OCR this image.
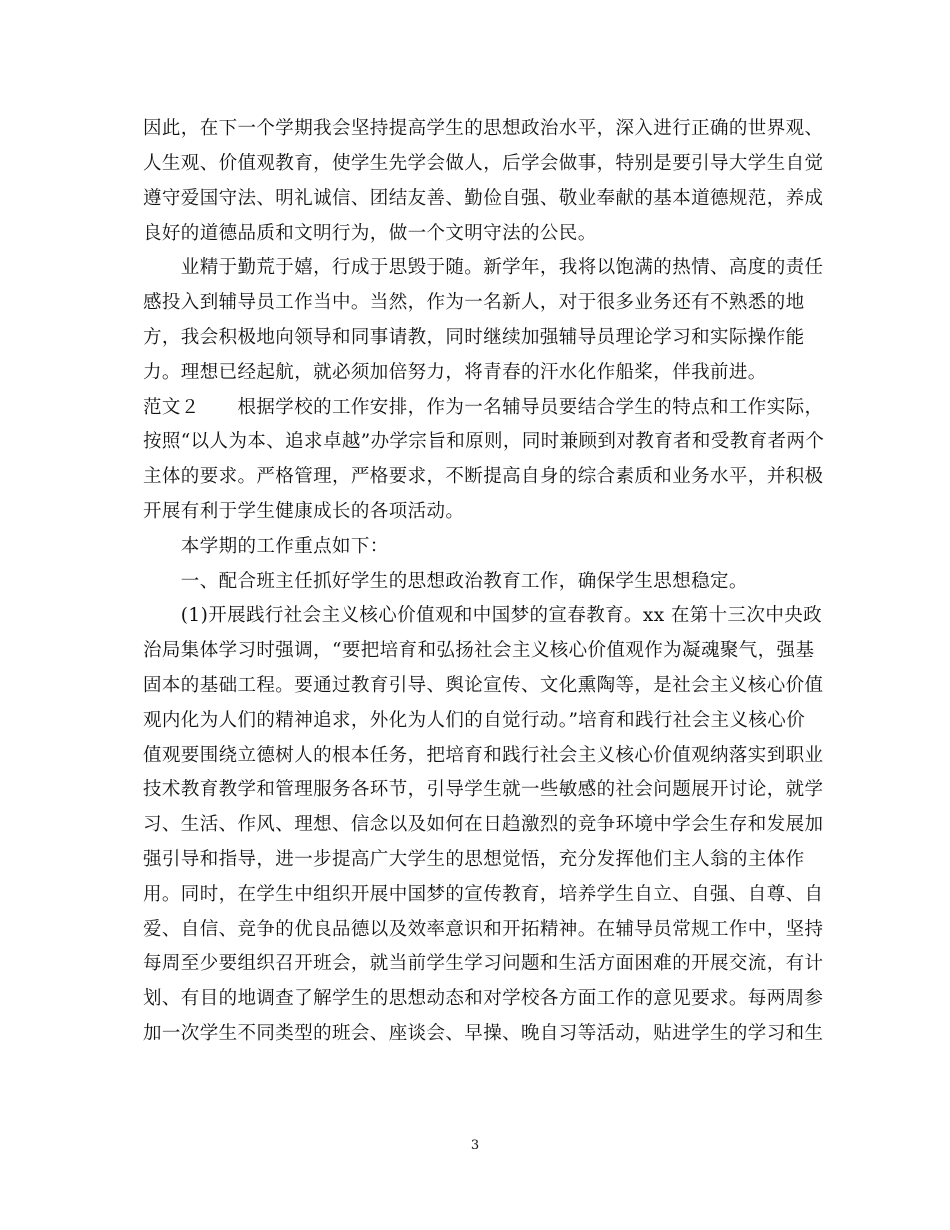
因此，在下一个学期我会坚持提高学生的思想政治水平，深入进行正确的世界观、
人生观、价值观教育，使学生先学会做人，后学会做事，特别是要引导大学生自觉
遵守爱国守法、明礼诚信、团结友善、勤俭自强、敬业奉献的基本道德规范，养成
良好的道德品质和文明行为，做一个文明守法的公民。
　　业精于勤荒于嬉，行成于思毁于随。新学年，我将以饱满的热情、高度的责任
感投入到辅导员工作当中。当然，作为一名新人，对于很多业务还有不熟悉的地
方，我会积极地向领导和同事请教，同时继续加强辅导员理论学习和实际操作能
力。理想已经起航，就必须加倍努力，将青春的汗水化作船桨，伴我前进。
范文２　　根据学校的工作安排，作为一名辅导员要结合学生的特点和工作实际，
按照“以人为本、追求卓越”办学宗旨和原则，同时兼顾到对教育者和受教育者两个
主体的要求。严格管理，严格要求，不断提高自身的综合素质和业务水平，并积极
开展有利于学生健康成长的各项活动。
　　本学期的工作重点如下：
　　一、配合班主任抓好学生的思想政治教育工作，确保学生思想稳定。
　　(1)开展践行社会主义核心价值观和中国梦的宣春教育。xx 在第十三次中央政
治局集体学习时强调，“要把培育和弘扬社会主义核心价值观作为凝魂聚气，强基
固本的基础工程。要通过教育引导、舆论宣传、文化熏陶等，是社会主义核心价值
观内化为人们的精神追求，外化为人们的自觉行动。”培育和践行社会主义核心价
值观要围绕立德树人的根本任务，把培育和践行社会主义核心价值观纳落实到职业
技术教育教学和管理服务各环节，引导学生就一些敏感的社会问题展开讨论，就学
习、生活、作风、理想、信念以及如何在日趋激烈的竞争环境中学会生存和发展加
强引导和指导，进一步提高广大学生的思想觉悟，充分发挥他们主人翁的主体作
用。同时，在学生中组织开展中国梦的宣传教育，培养学生自立、自强、自尊、自
爱、自信、竞争的优良品德以及效率意识和开拓精神。在辅导员常规工作中，坚持
每周至少要组织召开班会，就当前学生学习问题和生活方面困难的开展交流，有计
划、有目的地调查了解学生的思想动态和对学校各方面工作的意见要求。每两周参
加一次学生不同类型的班会、座谈会、早操、晚自习等活动，贴进学生的学习和生
3
